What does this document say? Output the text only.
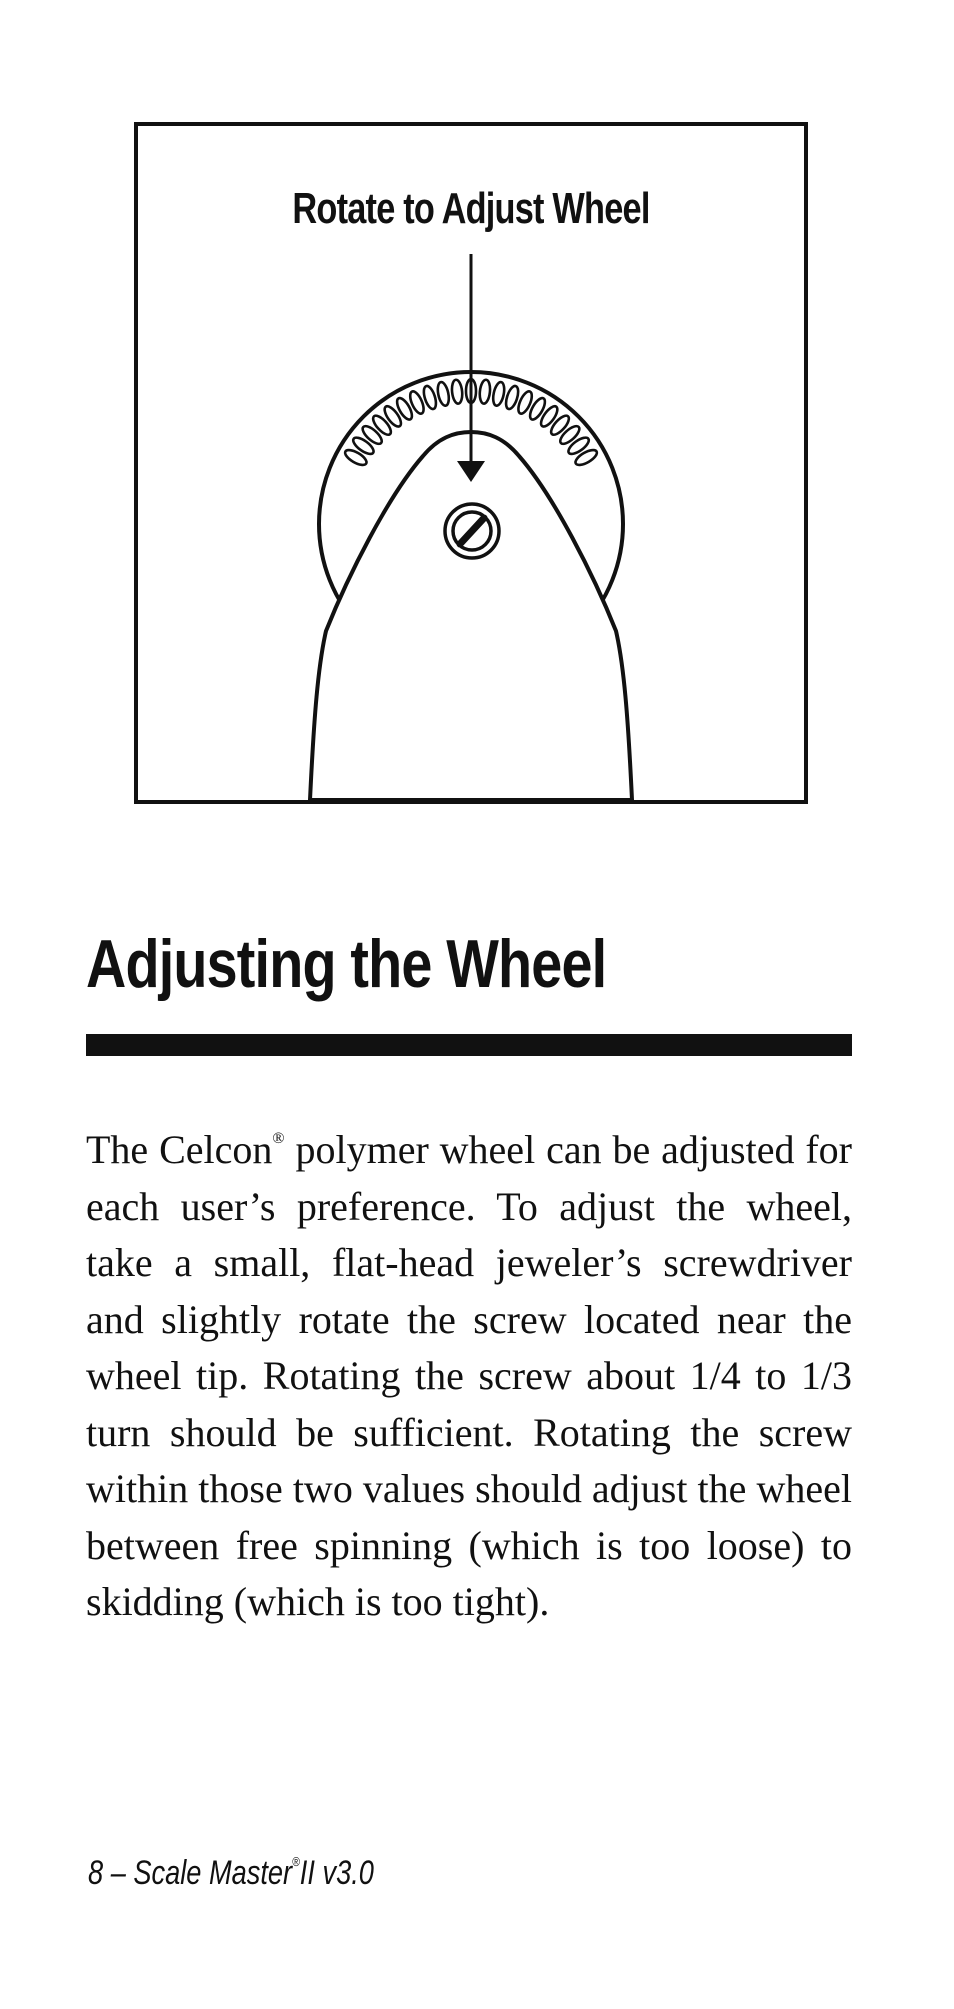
Rotate to Adjust Wheel

Adjusting the Wheel

The Celcon® polymer wheel can be adjusted for each user’s preference. To adjust the wheel, take a small, flat-head jeweler’s screwdriver and slightly rotate the screw located near the wheel tip. Rotating the screw about 1/4 to 1/3 turn should be sufficient. Rotating the screw within those two values should adjust the wheel between free spinning (which is too loose) to skidding (which is too tight).

8 – Scale Master®II v3.0
